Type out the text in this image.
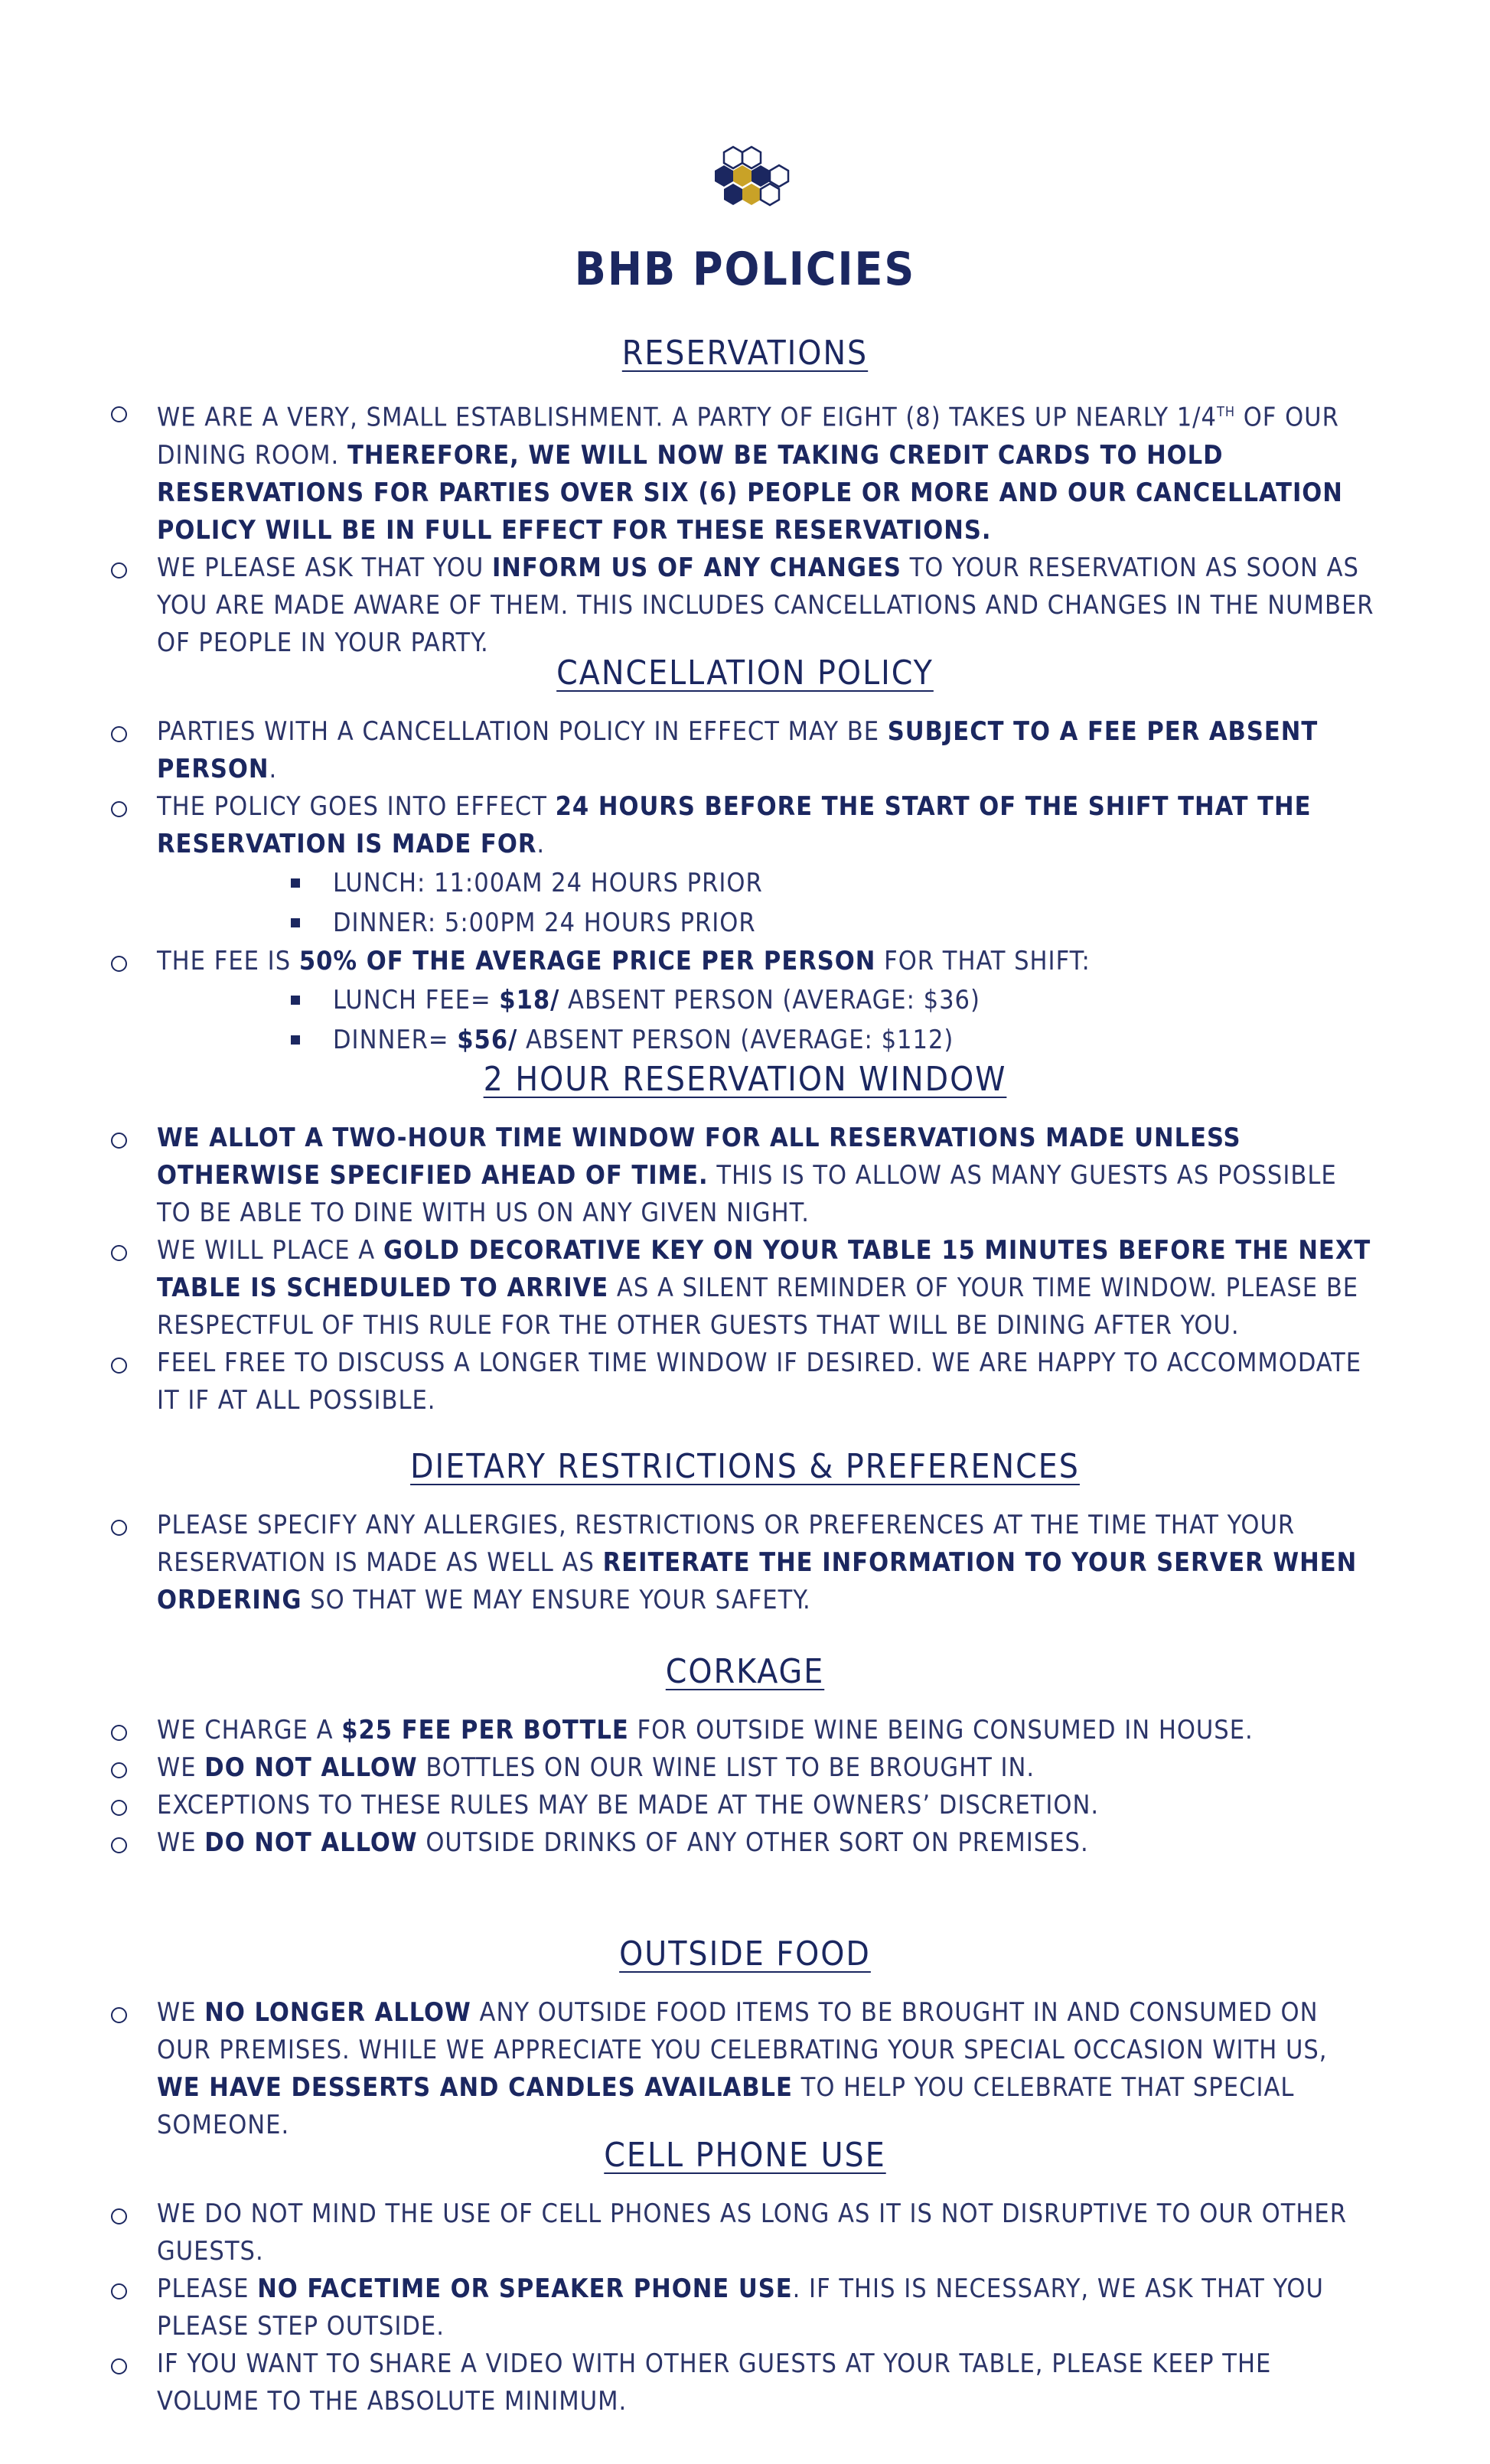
BHB POLICIES
RESERVATIONS
WE ARE A VERY, SMALL ESTABLISHMENT. A PARTY OF EIGHT (8) TAKES UP NEARLY 1/4TH OF OUR DINING ROOM. THEREFORE, WE WILL NOW BE TAKING CREDIT CARDS TO HOLD RESERVATIONS FOR PARTIES OVER SIX (6) PEOPLE OR MORE AND OUR CANCELLATION POLICY WILL BE IN FULL EFFECT FOR THESE RESERVATIONS.
WE PLEASE ASK THAT YOU INFORM US OF ANY CHANGES TO YOUR RESERVATION AS SOON AS YOU ARE MADE AWARE OF THEM. THIS INCLUDES CANCELLATIONS AND CHANGES IN THE NUMBER OF PEOPLE IN YOUR PARTY.
CANCELLATION POLICY
PARTIES WITH A CANCELLATION POLICY IN EFFECT MAY BE SUBJECT TO A FEE PER ABSENT PERSON.
THE POLICY GOES INTO EFFECT 24 HOURS BEFORE THE START OF THE SHIFT THAT THE RESERVATION IS MADE FOR.
LUNCH: 11:00AM 24 HOURS PRIOR
DINNER: 5:00PM 24 HOURS PRIOR
THE FEE IS 50% OF THE AVERAGE PRICE PER PERSON FOR THAT SHIFT:
LUNCH FEE= $18/ ABSENT PERSON (AVERAGE: $36)
DINNER= $56/ ABSENT PERSON (AVERAGE: $112)
2 HOUR RESERVATION WINDOW
WE ALLOT A TWO-HOUR TIME WINDOW FOR ALL RESERVATIONS MADE UNLESS OTHERWISE SPECIFIED AHEAD OF TIME. THIS IS TO ALLOW AS MANY GUESTS AS POSSIBLE TO BE ABLE TO DINE WITH US ON ANY GIVEN NIGHT.
WE WILL PLACE A GOLD DECORATIVE KEY ON YOUR TABLE 15 MINUTES BEFORE THE NEXT TABLE IS SCHEDULED TO ARRIVE AS A SILENT REMINDER OF YOUR TIME WINDOW. PLEASE BE RESPECTFUL OF THIS RULE FOR THE OTHER GUESTS THAT WILL BE DINING AFTER YOU.
FEEL FREE TO DISCUSS A LONGER TIME WINDOW IF DESIRED. WE ARE HAPPY TO ACCOMMODATE IT IF AT ALL POSSIBLE.
DIETARY RESTRICTIONS & PREFERENCES
PLEASE SPECIFY ANY ALLERGIES, RESTRICTIONS OR PREFERENCES AT THE TIME THAT YOUR RESERVATION IS MADE AS WELL AS REITERATE THE INFORMATION TO YOUR SERVER WHEN ORDERING SO THAT WE MAY ENSURE YOUR SAFETY.
CORKAGE
WE CHARGE A $25 FEE PER BOTTLE FOR OUTSIDE WINE BEING CONSUMED IN HOUSE.
WE DO NOT ALLOW BOTTLES ON OUR WINE LIST TO BE BROUGHT IN.
EXCEPTIONS TO THESE RULES MAY BE MADE AT THE OWNERS’ DISCRETION.
WE DO NOT ALLOW OUTSIDE DRINKS OF ANY OTHER SORT ON PREMISES.
OUTSIDE FOOD
WE NO LONGER ALLOW ANY OUTSIDE FOOD ITEMS TO BE BROUGHT IN AND CONSUMED ON OUR PREMISES. WHILE WE APPRECIATE YOU CELEBRATING YOUR SPECIAL OCCASION WITH US, WE HAVE DESSERTS AND CANDLES AVAILABLE TO HELP YOU CELEBRATE THAT SPECIAL SOMEONE.
CELL PHONE USE
WE DO NOT MIND THE USE OF CELL PHONES AS LONG AS IT IS NOT DISRUPTIVE TO OUR OTHER GUESTS.
PLEASE NO FACETIME OR SPEAKER PHONE USE. IF THIS IS NECESSARY, WE ASK THAT YOU PLEASE STEP OUTSIDE.
IF YOU WANT TO SHARE A VIDEO WITH OTHER GUESTS AT YOUR TABLE, PLEASE KEEP THE VOLUME TO THE ABSOLUTE MINIMUM.
